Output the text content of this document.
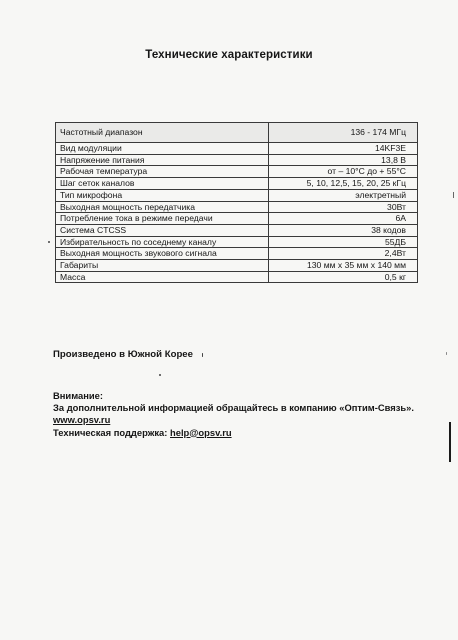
Технические характеристики
Частотный диапазон	136 - 174 МГц
Вид модуляции	14KF3E
Напряжение питания	13,8 В
Рабочая температура	от – 10°С до + 55°С
Шаг сеток каналов	5, 10, 12,5, 15, 20, 25 кГц
Тип микрофона	электретный
Выходная мощность передатчика	30Вт
Потребление тока в режиме передачи	6А
Система CTCSS	38 кодов
Избирательность по соседнему каналу	55ДБ
Выходная мощность звукового сигнала	2,4Вт
Габариты	130 мм x 35 мм x 140 мм
Масса	0,5 кг
Произведено в Южной Корее
Внимание:
За дополнительной информацией обращайтесь в компанию «Оптим-Связь». www.opsv.ru
Техническая поддержка: help@opsv.ru
